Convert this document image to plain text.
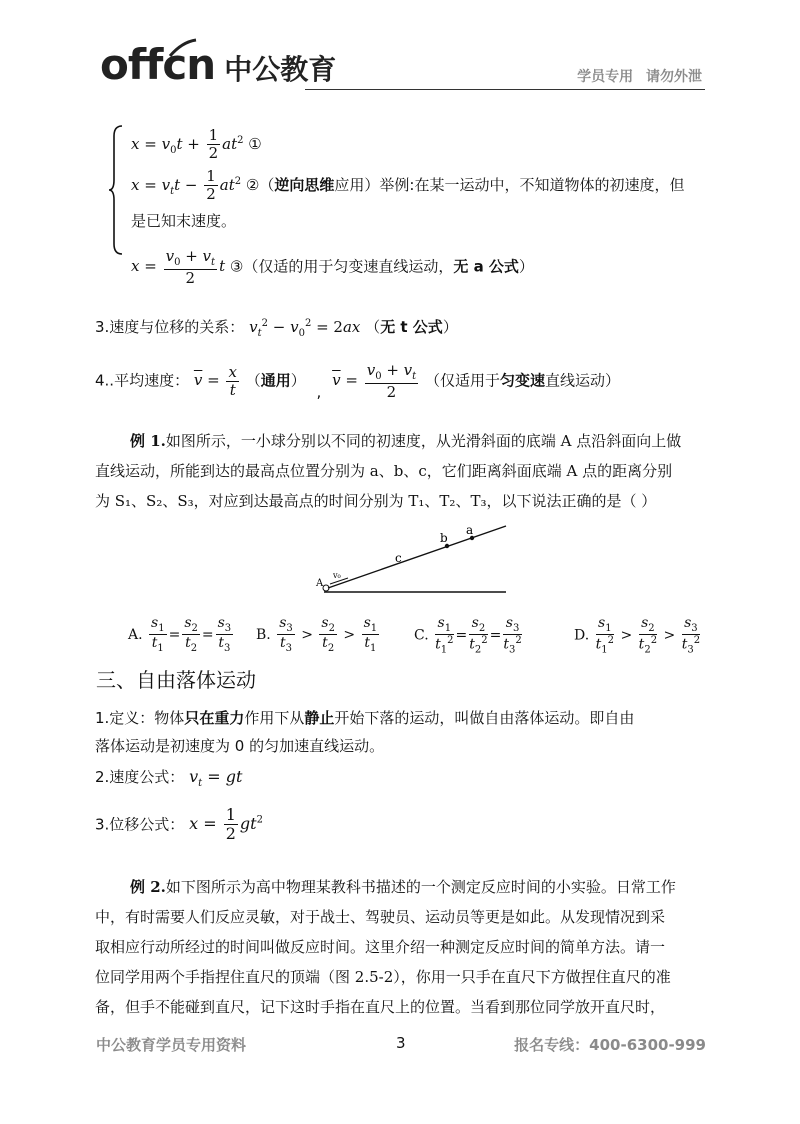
offcn 中公教育	学员专用 请勿外泄
$x = v_0t + \frac{1}{2} at^2$ ①
$x = v_tt - \frac{1}{2} at^2$ ②（逆向思维应用）举例:在某一运动中，不知道物体的初速度，但
是已知末速度。
$x = \frac{v_0 + v_t}{2}$ t ③（仅适的用于匀变速直线运动，无 a 公式）
3.速度与位移的关系： $v_t^2 - v_0^2 = 2ax$ （无 t 公式）
4..平均速度： $\overline{v} = \frac{x}{t}$ （通用） , $\overline{v} = \frac{v_0 + v_t}{2}$ （仅适用于匀变速直线运动）
例 1.如图所示，一小球分别以不同的初速度，从光滑斜面的底端 A 点沿斜面向上做
直线运动，所能到达的最高点位置分别为 a、b、c，它们距离斜面底端 A 点的距离分别
为 S₁、S₂、S₃，对应到达最高点的时间分别为 T₁、T₂、T₃，以下说法正确的是（ ）
A
v₀
c
b
a
A. $\frac{s_1}{t_1} = \frac{s_2}{t_2} = \frac{s_3}{t_3} B$. $\frac{s_3}{t_3} > \frac{s_2}{t_2} > \frac{s_1}{t_1} C$. $\frac{s_1}{t_1^2} = \frac{s_2}{t_2^2} = \frac{s_3}{t_3^2}$	D. $\frac{s_1}{t_1^2} > \frac{s_2}{t_2^2} > \frac{s_3}{t_3^2}$
三、自由落体运动
1.定义：物体只在重力作用下从静止开始下落的运动，叫做自由落体运动。即自由
落体运动是初速度为 0 的匀加速直线运动。
2.速度公式： $v_t$ = gt
3.位移公式： $x = \frac{1}{2} gt^2$
例 2.如下图所示为高中物理某教科书描述的一个测定反应时间的小实验。日常工作
中，有时需要人们反应灵敏，对于战士、驾驶员、运动员等更是如此。从发现情况到采
取相应行动所经过的时间叫做反应时间。这里介绍一种测定反应时间的简单方法。请一
位同学用两个手指捏住直尺的顶端（图 2.5-2），你用一只手在直尺下方做捏住直尺的准
备，但手不能碰到直尺，记下这时手指在直尺上的位置。当看到那位同学放开直尺时，
中公教育学员专用资料	3	报名专线：400-6300-999
